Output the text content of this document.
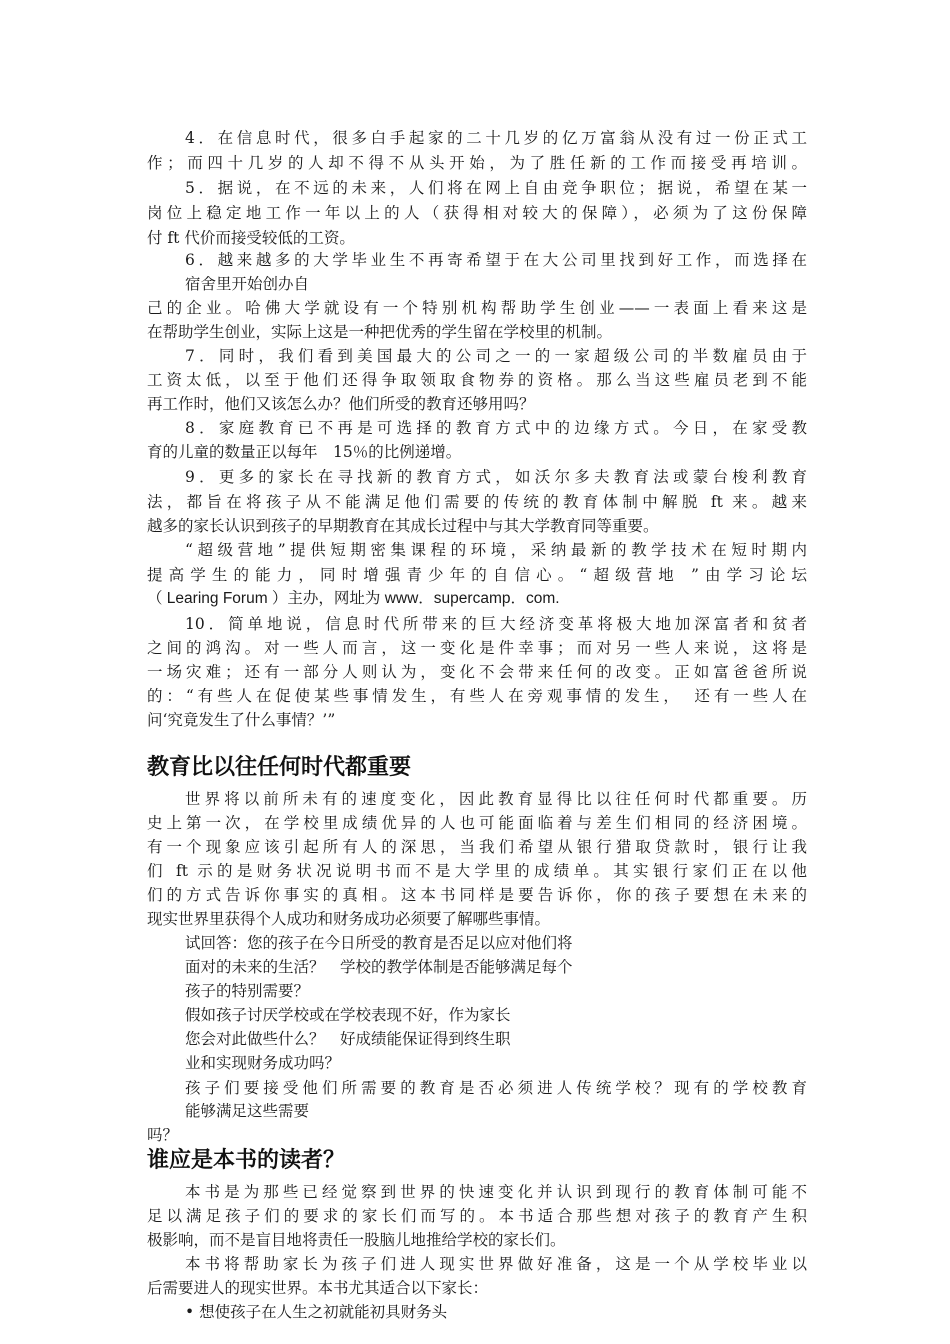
4．在信息时代，很多白手起家的二十几岁的亿万富翁从没有过一份正式工
作；而四十几岁的人却不得不从头开始，为了胜任新的工作而接受再培训。
5．据说，在不远的未来，人们将在网上自由竞争职位；据说，希望在某一
岗位上稳定地工作一年以上的人（获得相对较大的保障），必须为了这份保障
付 ft 代价而接受较低的工资。
6．越来越多的大学毕业生不再寄希望于在大公司里找到好工作，而选择在
宿舍里开始创办自
己的企业。哈佛大学就设有一个特别机构帮助学生创业——一表面上看来这是
在帮助学生创业，实际上这是一种把优秀的学生留在学校里的机制。
7．同时，我们看到美国最大的公司之一的一家超级公司的半数雇员由于
工资太低，以至于他们还得争取领取食物券的资格。那么当这些雇员老到不能
再工作时，他们又该怎么办？他们所受的教育还够用吗？
8．家庭教育已不再是可选择的教育方式中的边缘方式。今日，在家受教
育的儿童的数量正以每年　15％的比例递增。
9．更多的家长在寻找新的教育方式，如沃尔多夫教育法或蒙台梭利教育
法，都旨在将孩子从不能满足他们需要的传统的教育体制中解脱 ft 来。越来
越多的家长认识到孩子的早期教育在其成长过程中与其大学教育同等重要。
“超级营地”提供短期密集课程的环境，采纳最新的教学技术在短时期内
提高学生的能力，同时增强青少年的自信心。“超级营地 ”由学习论坛
（ Learing Forum ）主办，网址为 www．supercamp．com.
10．简单地说，信息时代所带来的巨大经济变革将极大地加深富者和贫者
之间的鸿沟。对一些人而言，这一变化是件幸事；而对另一些人来说，这将是
一场灾难；还有一部分人则认为，变化不会带来任何的改变。正如富爸爸所说
的：“有些人在促使某些事情发生，有些人在旁观事情的发生，　还有一些人在
问‘究竟发生了什么事情？’”
教育比以往任何时代都重要
世界将以前所未有的速度变化，因此教育显得比以往任何时代都重要。历
史上第一次，在学校里成绩优异的人也可能面临着与差生们相同的经济困境。
有一个现象应该引起所有人的深思，当我们希望从银行猎取贷款时，银行让我
们 ft 示的是财务状况说明书而不是大学里的成绩单。其实银行家们正在以他
们的方式告诉你事实的真相。这本书同样是要告诉你，你的孩子要想在未来的
现实世界里获得个人成功和财务成功必须要了解哪些事情。
试回答：您的孩子在今日所受的教育是否足以应对他们将
面对的未来的生活？　学校的教学体制是否能够满足每个
孩子的特别需要？
假如孩子讨厌学校或在学校表现不好，作为家长
您会对此做些什么？　好成绩能保证得到终生职
业和实现财务成功吗？
孩子们要接受他们所需要的教育是否必须进人传统学校？现有的学校教育
能够满足这些需要
吗？
谁应是本书的读者？
本书是为那些已经觉察到世界的快速变化并认识到现行的教育体制可能不
足以满足孩子们的要求的家长们而写的。本书适合那些想对孩子的教育产生积
极影响，而不是盲目地将责任一股脑儿地推给学校的家长们。
本书将帮助家长为孩子们进人现实世界做好准备，这是一个从学校毕业以
后需要进人的现实世界。本书尤其适合以下家长：
• 想使孩子在人生之初就能初具财务头
